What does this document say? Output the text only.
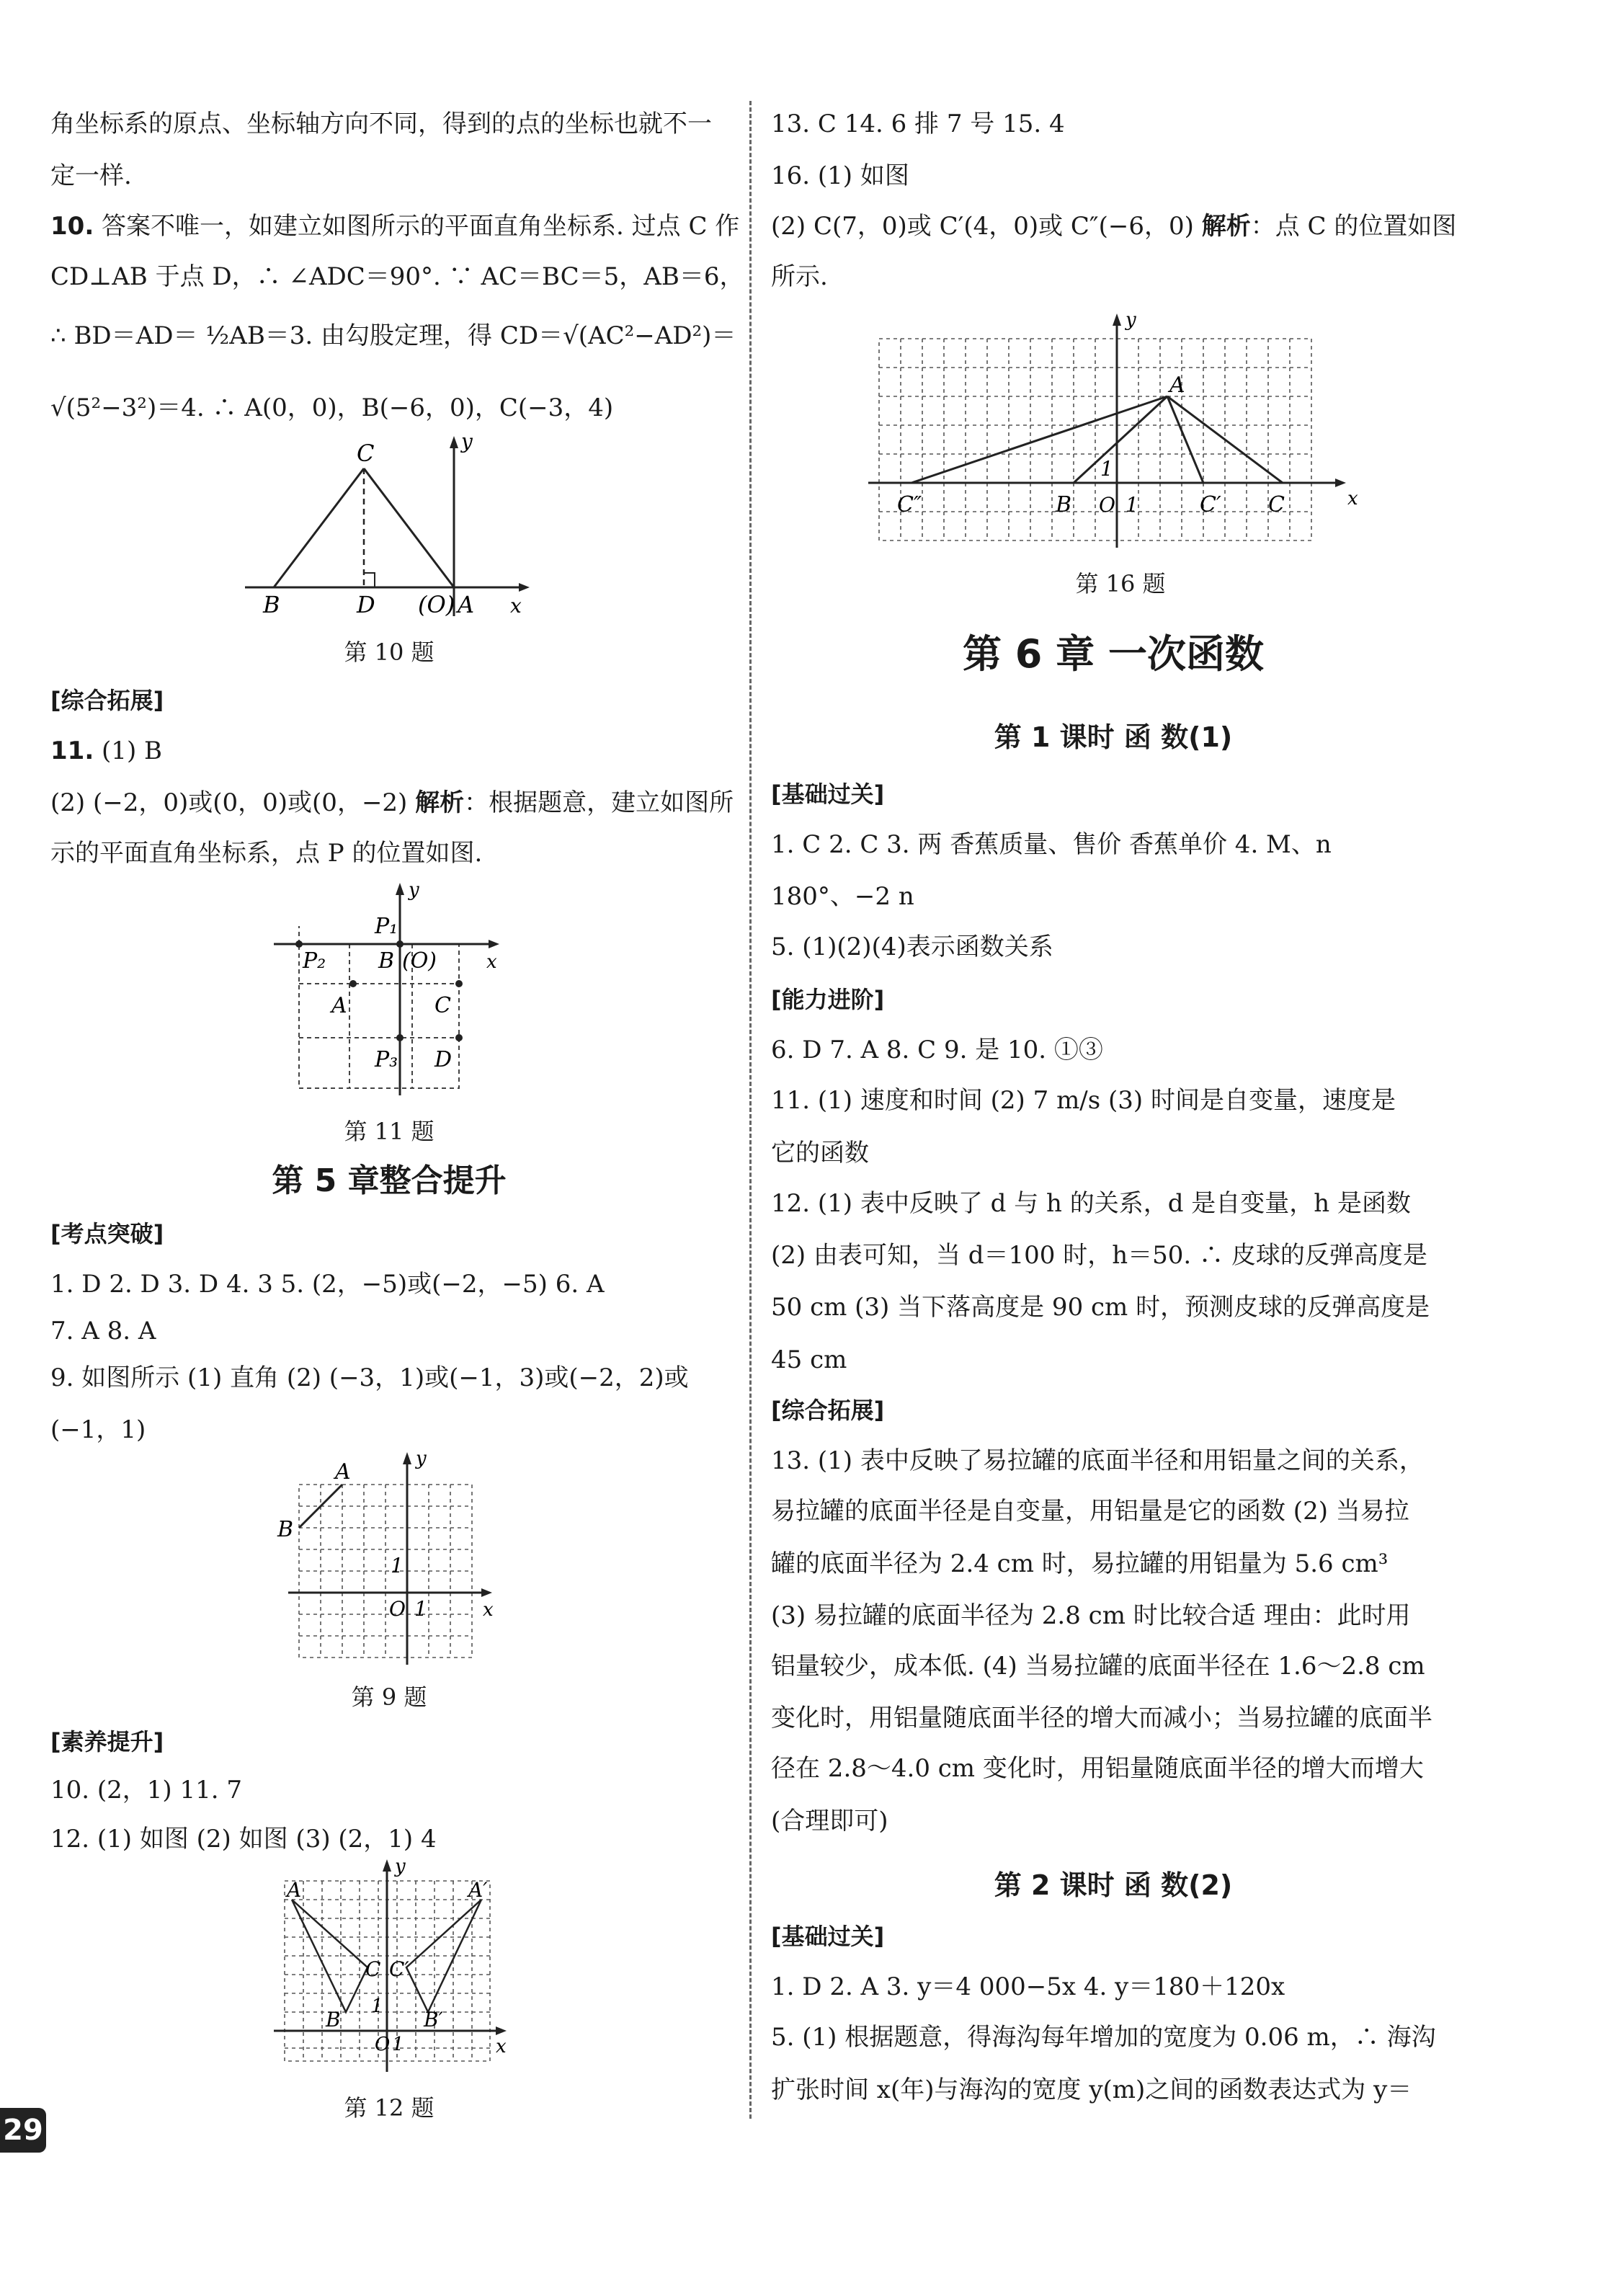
角坐标系的原点、坐标轴方向不同，得到的点的坐标也就不一
定一样.
10. 答案不唯一，如建立如图所示的平面直角坐标系. 过点 C 作
CD⊥AB 于点 D，∴ ∠ADC＝90°. ∵ AC＝BC＝5，AB＝6，
∴ BD＝AD＝ ½AB＝3. 由勾股定理，得 CD＝√(AC²−AD²)＝
√(5²−3²)＝4. ∴ A(0，0)，B(−6，0)，C(−3，4)
C
B	D (O) A x
y
第 10 题
[综合拓展]
11. (1) B
(2) (−2，0)或(0，0)或(0，−2) 解析：根据题意，建立如图所
示的平面直角坐标系，点 P 的位置如图.
P₁
P₂ B (O)
A	C
P₃ D
x
y
第 11 题
第 5 章整合提升
[考点突破]
1. D 2. D 3. D 4. 3 5. (2，−5)或(−2，−5) 6. A
7. A 8. A
9. 如图所示 (1) 直角 (2) (−3，1)或(−1，3)或(−2，2)或
(−1，1)
A
B
O 1
1
x
y
第 9 题
[素养提升]
10. (2，1) 11. 7
12. (1) 如图 (2) 如图 (3) (2，1) 4
A	A′
C C′
B	B′
1
O 1	x
y
第 12 题
29
13. C 14. 6 排 7 号 15. 4
16. (1) 如图
(2) C(7，0)或 C′(4，0)或 C″(−6，0) 解析：点 C 的位置如图
所示.
A
B	C
C′
C″	O 1
1
x
y
第 16 题
第 6 章 一次函数
第 1 课时 函 数(1)
[基础过关]
1. C 2. C 3. 两 香蕉质量、售价 香蕉单价 4. M、n
180°、−2 n
5. (1)(2)(4)表示函数关系
[能力进阶]
6. D 7. A 8. C 9. 是 10. ①③
11. (1) 速度和时间 (2) 7 m/s (3) 时间是自变量，速度是
它的函数
12. (1) 表中反映了 d 与 h 的关系，d 是自变量，h 是函数
(2) 由表可知，当 d＝100 时，h＝50. ∴ 皮球的反弹高度是
50 cm (3) 当下落高度是 90 cm 时，预测皮球的反弹高度是
45 cm
[综合拓展]
13. (1) 表中反映了易拉罐的底面半径和用铝量之间的关系，
易拉罐的底面半径是自变量，用铝量是它的函数 (2) 当易拉
罐的底面半径为 2.4 cm 时，易拉罐的用铝量为 5.6 cm³
(3) 易拉罐的底面半径为 2.8 cm 时比较合适 理由：此时用
铝量较少，成本低. (4) 当易拉罐的底面半径在 1.6～2.8 cm
变化时，用铝量随底面半径的增大而减小；当易拉罐的底面半
径在 2.8～4.0 cm 变化时，用铝量随底面半径的增大而增大
(合理即可)
第 2 课时 函 数(2)
[基础过关]
1. D 2. A 3. y＝4 000−5x 4. y＝180＋120x
5. (1) 根据题意，得海沟每年增加的宽度为 0.06 m，∴ 海沟
扩张时间 x(年)与海沟的宽度 y(m)之间的函数表达式为 y＝
